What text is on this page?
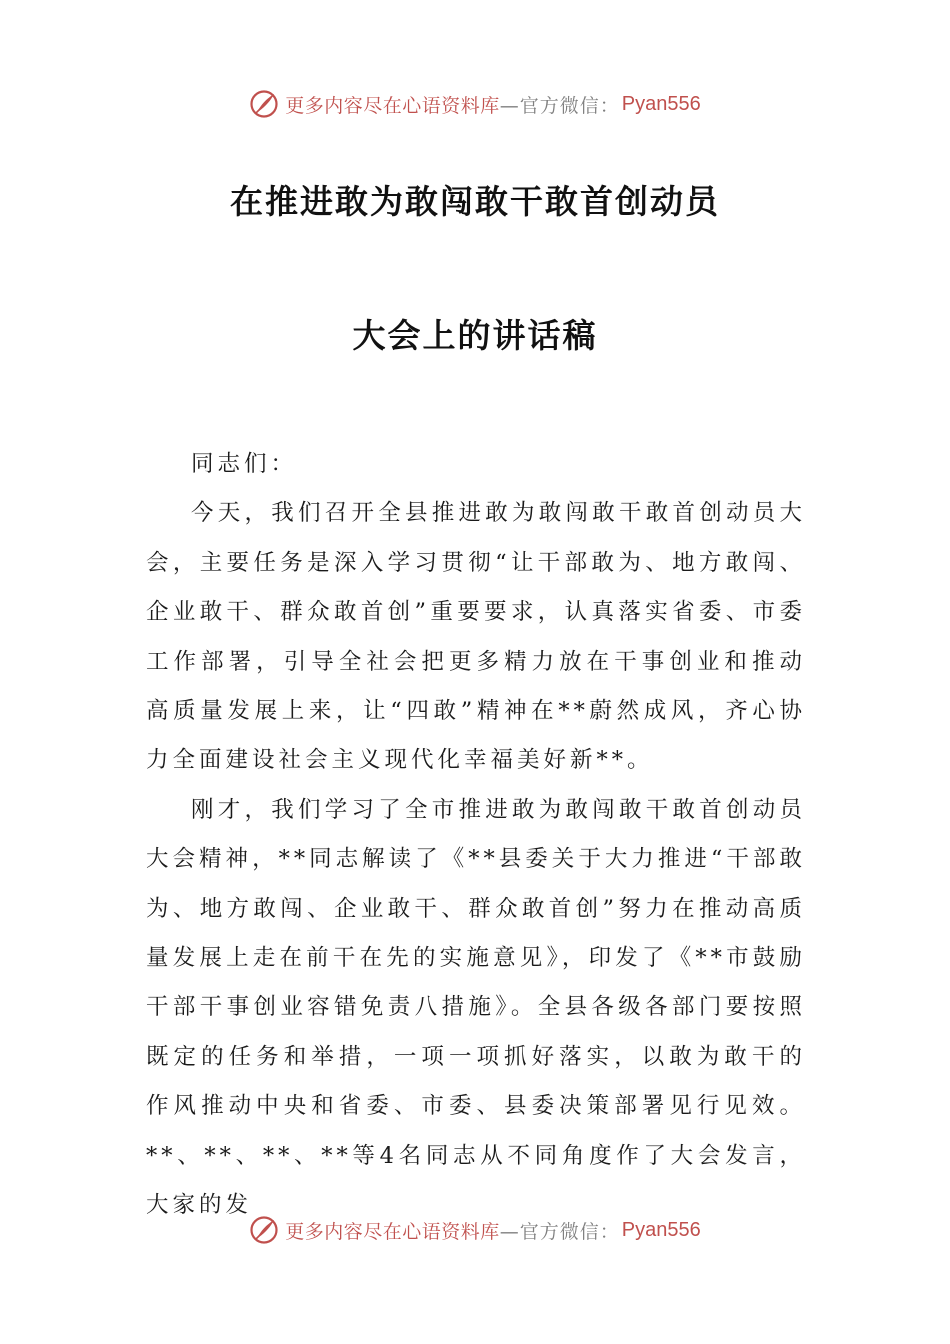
更多内容尽在心语资料库 —官方微信： Pyan556
在推进敢为敢闯敢干敢首创动员
大会上的讲话稿

同志们：

今天，我们召开全县推进敢为敢闯敢干敢首创动员大会，主要任务是深入学习贯彻“让干部敢为、地方敢闯、企业敢干、群众敢首创”重要要求，认真落实省委、市委工作部署，引导全社会把更多精力放在干事创业和推动高质量发展上来，让“四敢”精神在**蔚然成风，齐心协力全面建设社会主义现代化幸福美好新**。

刚才，我们学习了全市推进敢为敢闯敢干敢首创动员大会精神，**同志解读了《**县委关于大力推进“干部敢为、地方敢闯、企业敢干、群众敢首创”努力在推动高质量发展上走在前干在先的实施意见》，印发了《**市鼓励干部干事创业容错免责八措施》。全县各级各部门要按照既定的任务和举措，一项一项抓好落实，以敢为敢干的作风推动中央和省委、市委、县委决策部署见行见效。**、**、**、**等4名同志从不同角度作了大会发言，大家的发

更多内容尽在心语资料库 —官方微信： Pyan556
